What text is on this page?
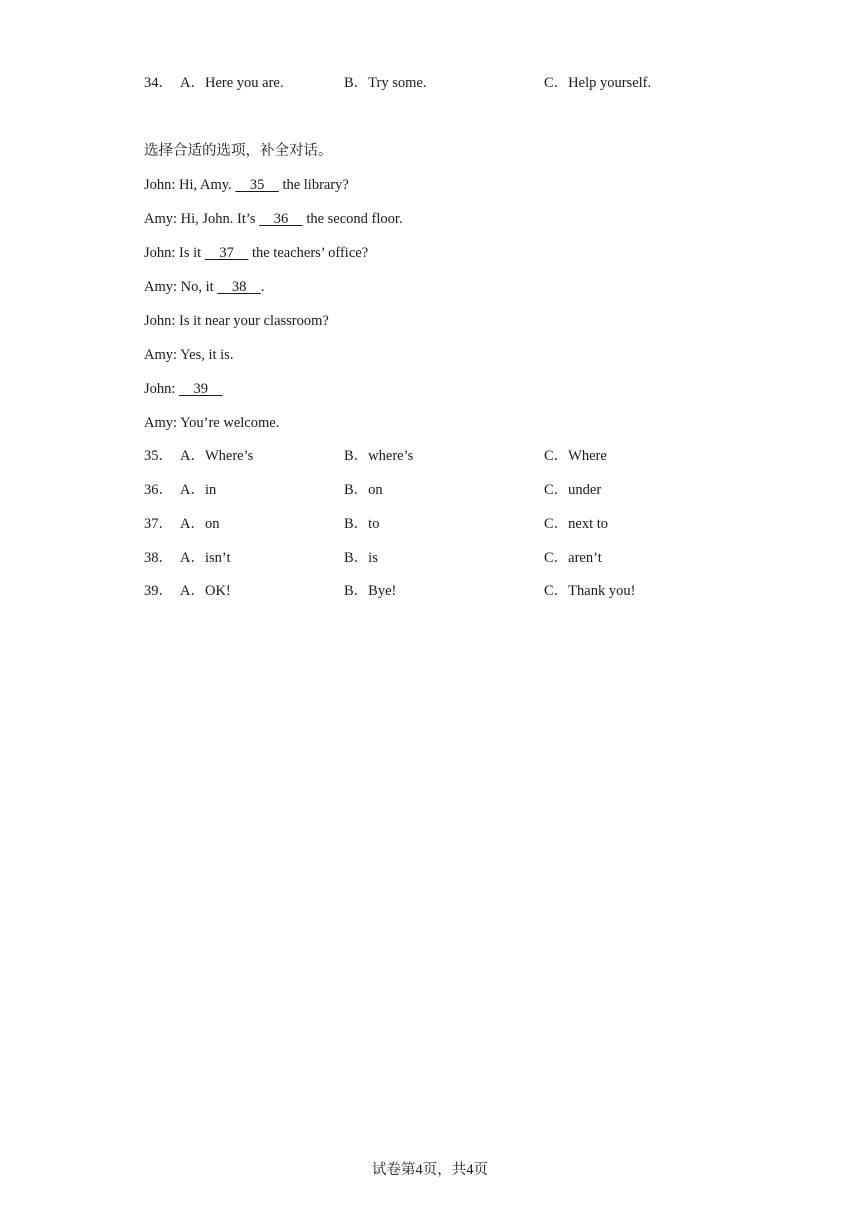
34． A．Here you are.	B．Try some.	C．Help yourself.
选择合适的选项，补全对话。
John: Hi, Amy.     35     the library?
Amy: Hi, John. It’s     36     the second floor.
John: Is it     37     the teachers’ office?
Amy: No, it     38    .
John: Is it near your classroom?
Amy: Yes, it is.
John:     39
Amy: You’re welcome.
35． A．Where’s	B．where’s	C．Where
36． A．in	B．on	C．under
37． A．on	B．to	C．next to
38． A．isn’t	B．is	C．aren’t
39． A．OK!	B．Bye!	C．Thank you!
试卷第4页，共4页
